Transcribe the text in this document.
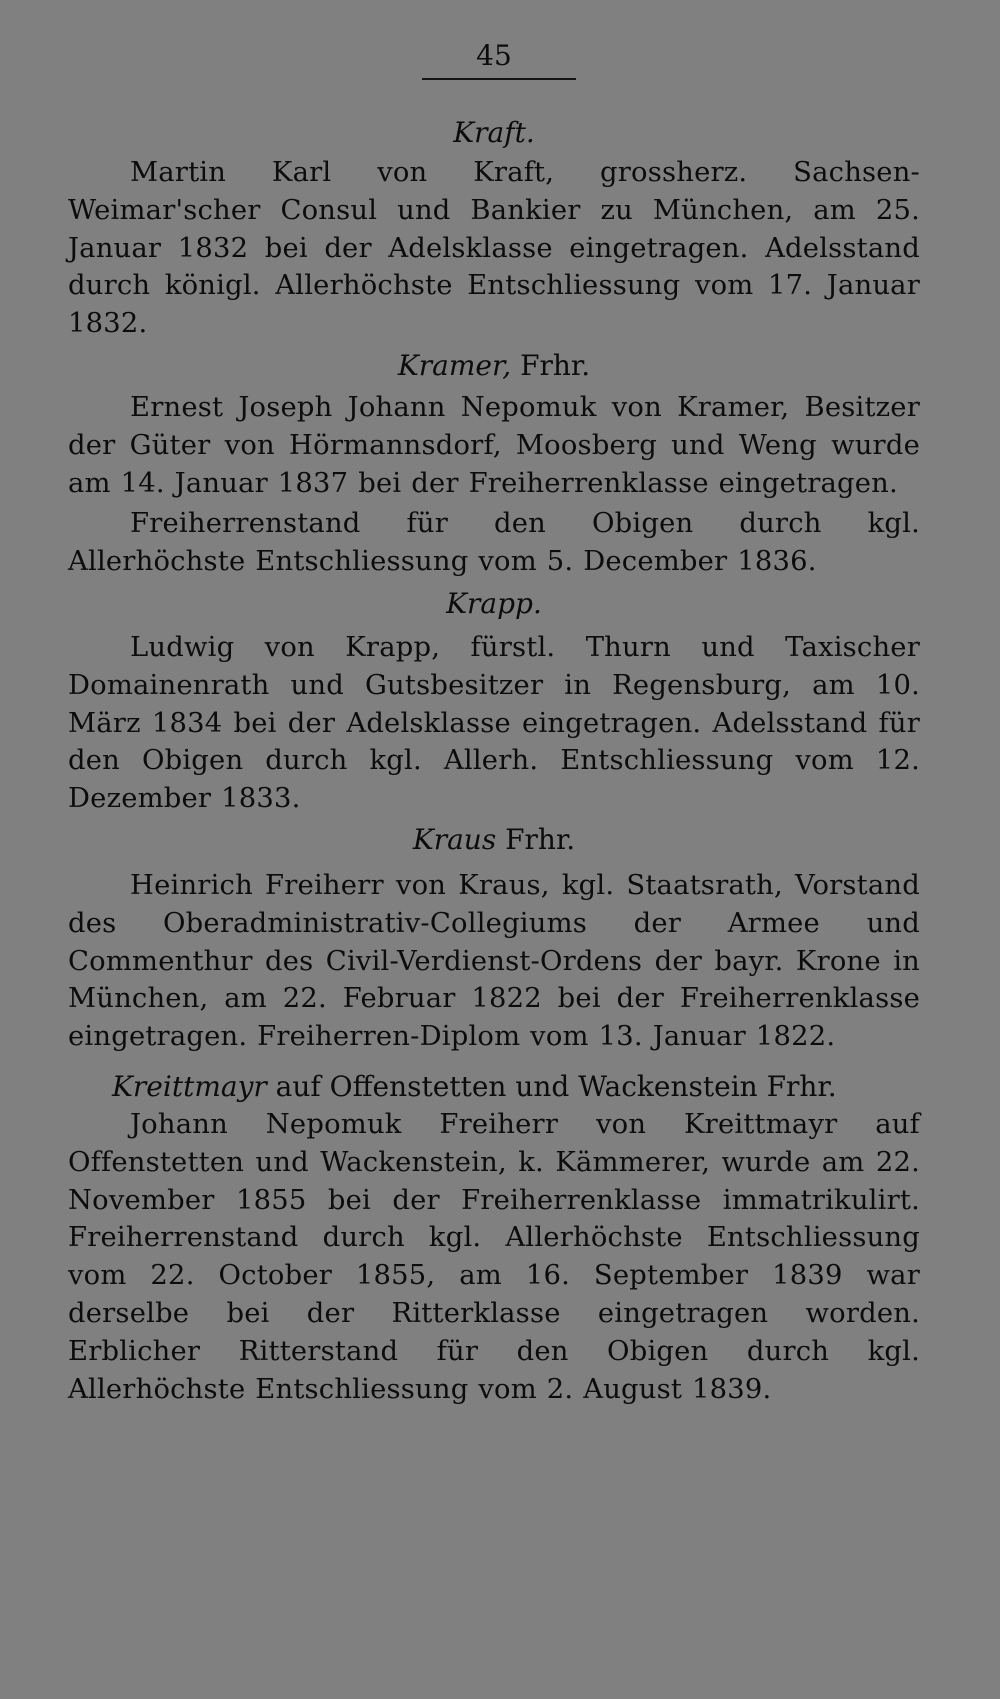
45

Kraft.

Martin Karl von Kraft, grossherz. Sachsen-Weimar'scher Consul und Bankier zu München, am 25. Januar 1832 bei der Adelsklasse eingetragen. Adelsstand durch königl. Allerhöchste Entschliessung vom 17. Januar 1832.

Kramer, Frhr.

Ernest Joseph Johann Nepomuk von Kramer, Besitzer der Güter von Hörmannsdorf, Moosberg und Weng wurde am 14. Januar 1837 bei der Freiherrenklasse eingetragen.

Freiherrenstand für den Obigen durch kgl. Allerhöchste Entschliessung vom 5. December 1836.

Krapp.

Ludwig von Krapp, fürstl. Thurn und Taxischer Domainenrath und Gutsbesitzer in Regensburg, am 10. März 1834 bei der Adelsklasse eingetragen. Adelsstand für den Obigen durch kgl. Allerh. Entschliessung vom 12. Dezember 1833.

Kraus Frhr.

Heinrich Freiherr von Kraus, kgl. Staatsrath, Vorstand des Oberadministrativ-Collegiums der Armee und Commenthur des Civil-Verdienst-Ordens der bayr. Krone in München, am 22. Februar 1822 bei der Freiherrenklasse eingetragen. Freiherren-Diplom vom 13. Januar 1822.

Kreittmayr auf Offenstetten und Wackenstein Frhr.

Johann Nepomuk Freiherr von Kreittmayr auf Offenstetten und Wackenstein, k. Kämmerer, wurde am 22. November 1855 bei der Freiherrenklasse immatrikulirt. Freiherrenstand durch kgl. Allerhöchste Entschliessung vom 22. October 1855, am 16. September 1839 war derselbe bei der Ritterklasse eingetragen worden. Erblicher Ritterstand für den Obigen durch kgl. Allerhöchste Entschliessung vom 2. August 1839.
